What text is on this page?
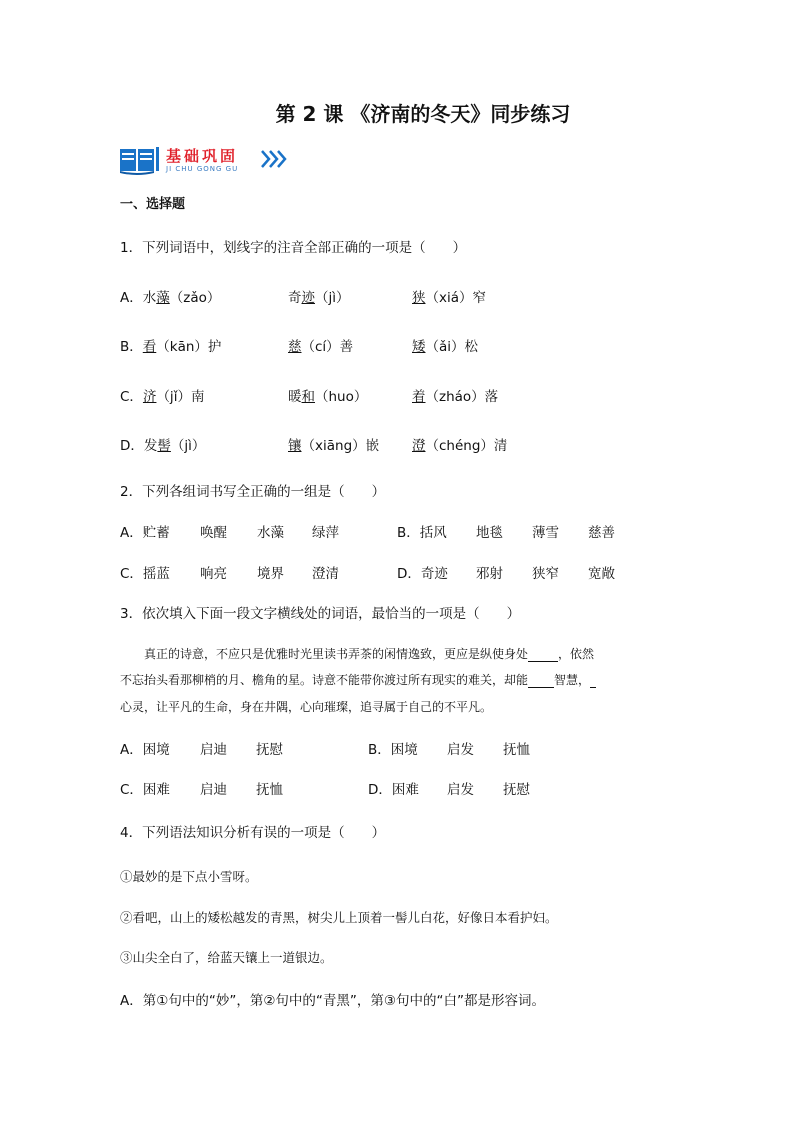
第 2 课 《济南的冬天》同步练习
基础巩固
JI CHU GONG GU
一、选择题
1．下列词语中，划线字的注音全部正确的一项是（　　）
A．水藻（zǎo）	奇迹（jì）	狭（xiá）窄
B．看（kān）护	慈（cí）善	矮（ǎi）松
C．济（jǐ）南	暖和（huo）	着（zháo）落
D．发髻（jì）	镶（xiāng）嵌 澄（chéng）清
2．下列各组词书写全正确的一组是（　　）
A．贮蓄 唤醒 水藻 绿萍	B．括风 地毯 薄雪 慈善
C．摇蓝 响亮 境界 澄清	D．奇迹 邪射 狭窄 宽敞
3．依次填入下面一段文字横线处的词语，最恰当的一项是（　　）
　　真正的诗意，不应只是优雅时光里读书弄茶的闲情逸致，更应是纵使身处	，依然
不忘抬头看那柳梢的月、檐角的星。诗意不能带你渡过所有现实的难关，却能 智慧，
心灵，让平凡的生命，身在井隅，心向璀璨，追寻属于自己的不平凡。
A．困境 启迪 抚慰	B．困境 启发 抚恤
C．困难 启迪 抚恤	D．困难 启发 抚慰
4．下列语法知识分析有误的一项是（　　）
①最妙的是下点小雪呀。
②看吧，山上的矮松越发的青黑，树尖儿上顶着一髻儿白花，好像日本看护妇。
③山尖全白了，给蓝天镶上一道银边。
A．第①句中的“妙”，第②句中的“青黑”，第③句中的“白”都是形容词。
